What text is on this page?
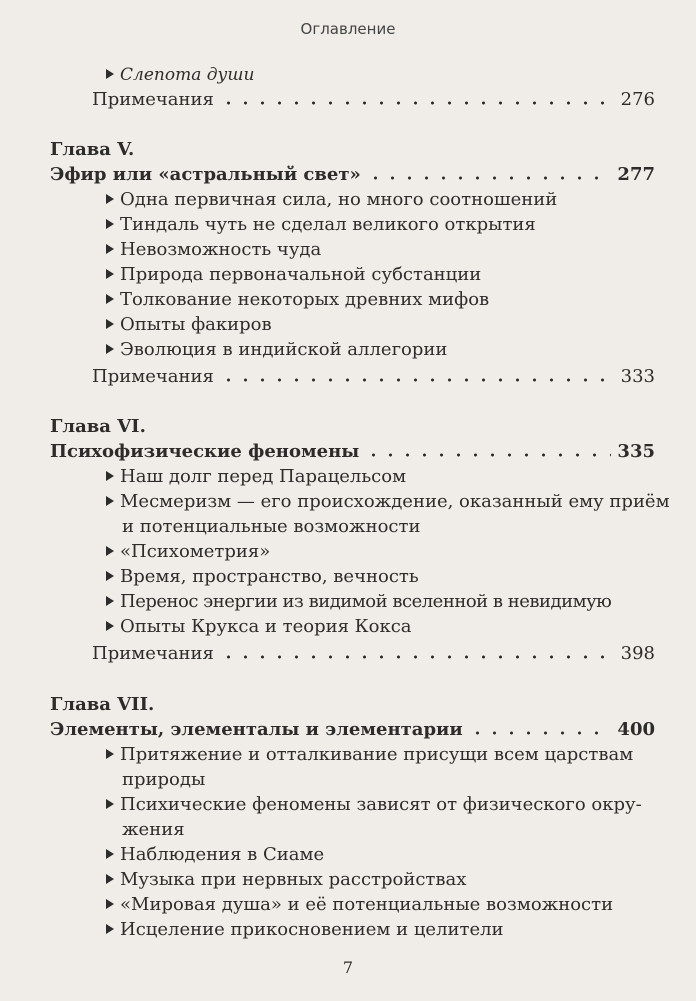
Оглавление
Слепота души
Примечания	276
Глава V.
Эфир или «астральный свет»	277
Одна первичная сила, но много соотношений
Тиндаль чуть не сделал великого открытия
Невозможность чуда
Природа первоначальной субстанции
Толкование некоторых древних мифов
Опыты факиров
Эволюция в индийской аллегории
Примечания	333
Глава VI.
Психофизические феномены	335
Наш долг перед Парацельсом
Месмеризм — его происхождение, оказанный ему приём
и потенциальные возможности
«Психометрия»
Время, пространство, вечность
Перенос энергии из видимой вселенной в невидимую
Опыты Крукса и теория Кокса
Примечания	398
Глава VII.
Элементы, элементалы и элементарии	400
Притяжение и отталкивание присущи всем царствам
природы
Психические феномены зависят от физического окру-
жения
Наблюдения в Сиаме
Музыка при нервных расстройствах
«Мировая душа» и её потенциальные возможности
Исцеление прикосновением и целители
7
